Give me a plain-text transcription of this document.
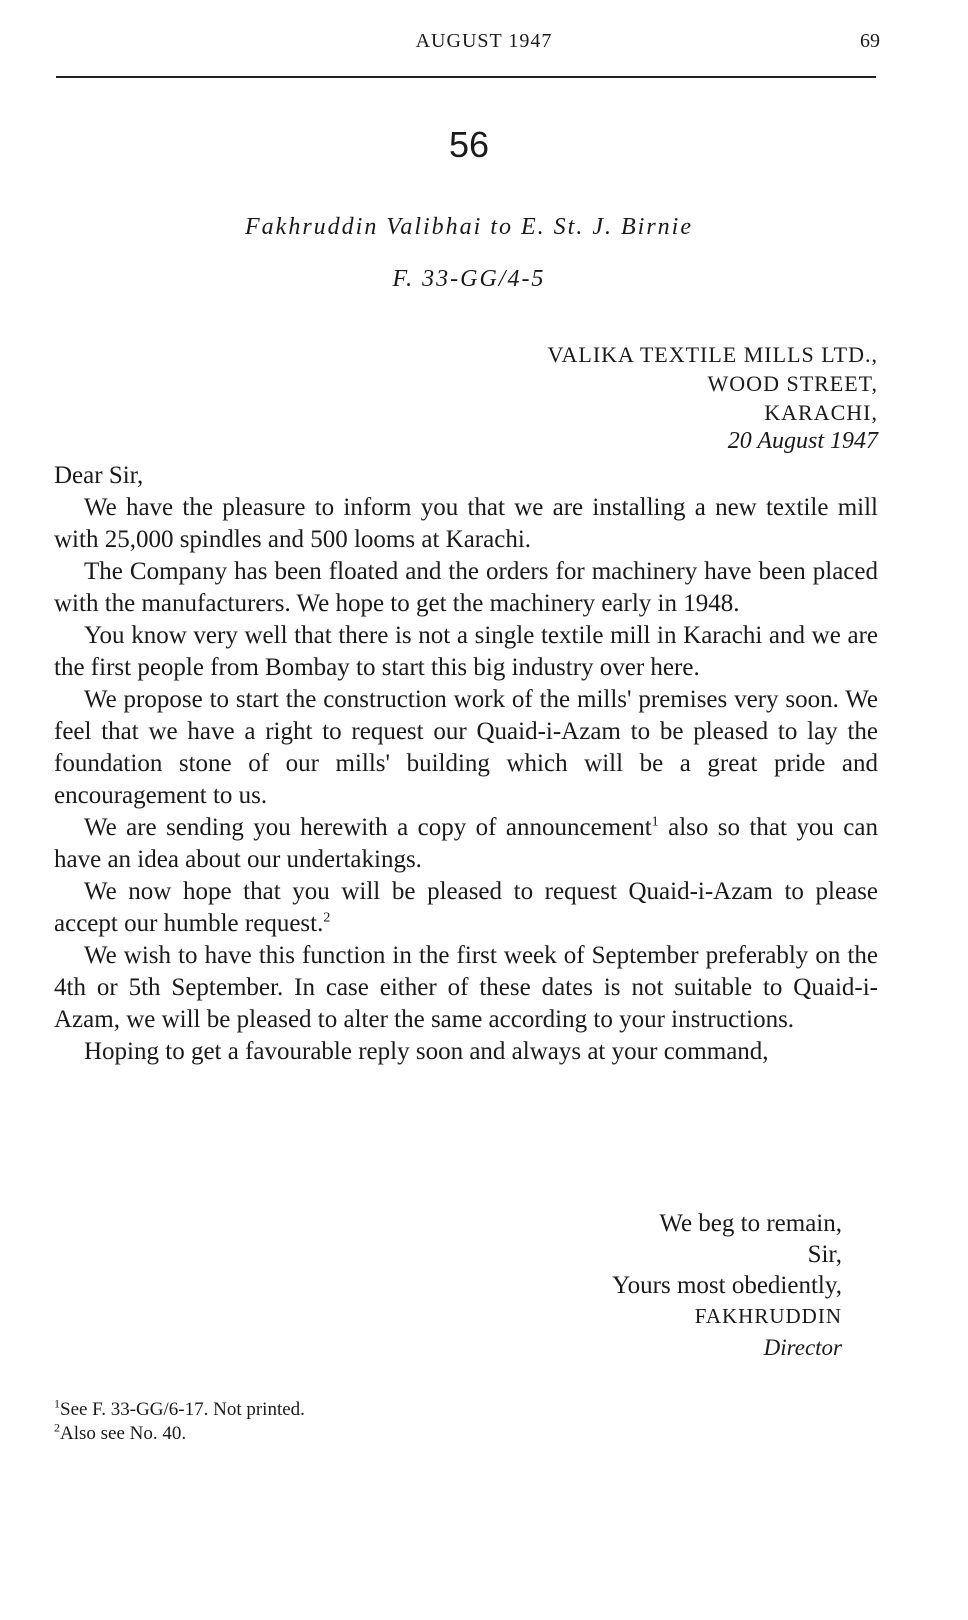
AUGUST 1947	69
56
Fakhruddin Valibhai to E. St. J. Birnie
F. 33-GG/4-5
VALIKA TEXTILE MILLS LTD.,
WOOD STREET,
KARACHI,
20 August 1947

Dear Sir,

We have the pleasure to inform you that we are installing a new textile mill with 25,000 spindles and 500 looms at Karachi.

The Company has been floated and the orders for machinery have been placed with the manufacturers. We hope to get the machinery early in 1948.

You know very well that there is not a single textile mill in Karachi and we are the first people from Bombay to start this big industry over here.

We propose to start the construction work of the mills' premises very soon. We feel that we have a right to request our Quaid-i-Azam to be pleased to lay the foundation stone of our mills' building which will be a great pride and encouragement to us.

We are sending you herewith a copy of announcement$^1$ also so that you can have an idea about our undertakings.

We now hope that you will be pleased to request Quaid-i-Azam to please accept our humble request.$^2$

We wish to have this function in the first week of September preferably on the 4th or 5th September. In case either of these dates is not suitable to Quaid-i-Azam, we will be pleased to alter the same according to your instructions.

Hoping to get a favourable reply soon and always at your command,

We beg to remain,
Sir,
Yours most obediently,
FAKHRUDDIN
Director
$^1$See F. 33-GG/6-17. Not printed.
$^2$Also see No. 40.
